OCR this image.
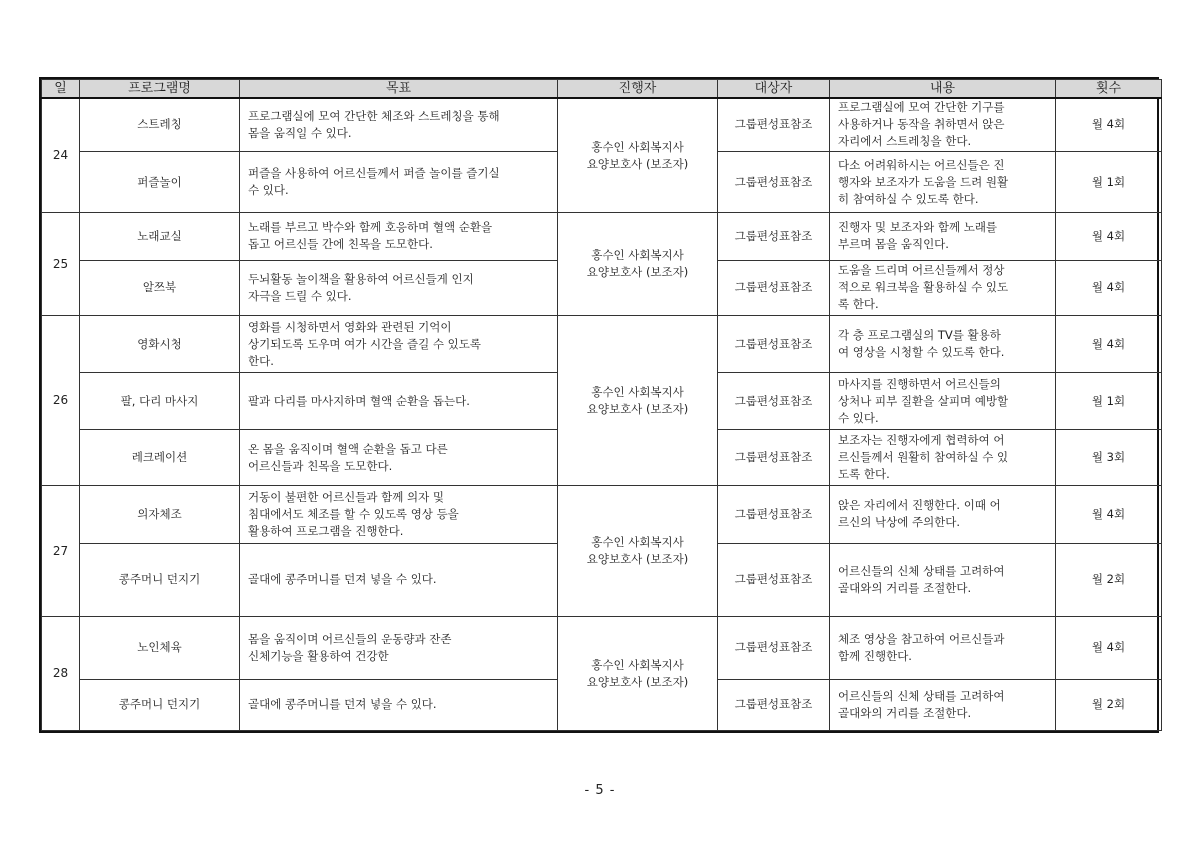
일	프로그램명	목표	진행자	대상자	내용	횟수
24	스트레칭	프로그램실에 모여 간단한 체조와 스트레칭을 통해
몸을 움직일 수 있다.	홍수인 사회복지사
요양보호사 (보조자)	그룹편성표참조	프로그램실에 모여 간단한 기구를
사용하거나 동작을 취하면서 앉은
자리에서 스트레칭을 한다.	월 4회
	퍼즐놀이	퍼즐을 사용하여 어르신들께서 퍼즐 놀이를 즐기실
수 있다.		그룹편성표참조	다소 어려워하시는 어르신들은 진
행자와 보조자가 도움을 드려 원활
히 참여하실 수 있도록 한다.	월 1회
25	노래교실	노래를 부르고 박수와 함께 호응하며 혈액 순환을
돕고 어르신들 간에 친목을 도모한다.	홍수인 사회복지사
요양보호사 (보조자)	그룹편성표참조	진행자 및 보조자와 함께 노래를
부르며 몸을 움직인다.	월 4회
	알쯔북	두뇌활동 놀이책을 활용하여 어르신들게 인지
자극을 드릴 수 있다.		그룹편성표참조	도움을 드리며 어르신들께서 정상
적으로 워크북을 활용하실 수 있도
록 한다.	월 4회
26	영화시청	영화를 시청하면서 영화와 관련된 기억이
상기되도록 도우며 여가 시간을 즐길 수 있도록
한다.	홍수인 사회복지사
요양보호사 (보조자)	그룹편성표참조	각 층 프로그램실의 TV를 활용하
여 영상을 시청할 수 있도록 한다.	월 4회
	팔, 다리 마사지	팔과 다리를 마사지하며 혈액 순환을 돕는다.		그룹편성표참조	마사지를 진행하면서 어르신들의
상처나 피부 질환을 살피며 예방할
수 있다.	월 1회
	레크레이션	온 몸을 움직이며 혈액 순환을 돕고 다른
어르신들과 친목을 도모한다.		그룹편성표참조	보조자는 진행자에게 협력하여 어
르신들께서 원활히 참여하실 수 있
도록 한다.	월 3회
27	의자체조	거동이 불편한 어르신들과 함께 의자 및
침대에서도 체조를 할 수 있도록 영상 등을
활용하여 프로그램을 진행한다.	홍수인 사회복지사
요양보호사 (보조자)	그룹편성표참조	앉은 자리에서 진행한다. 이때 어
르신의 낙상에 주의한다.	월 4회
	콩주머니 던지기	골대에 콩주머니를 던져 넣을 수 있다.		그룹편성표참조	어르신들의 신체 상태를 고려하여
골대와의 거리를 조절한다.	월 2회
28	노인체육	몸을 움직이며 어르신들의 운동량과 잔존
신체기능을 활용하여 건강한	홍수인 사회복지사
요양보호사 (보조자)	그룹편성표참조	체조 영상을 참고하여 어르신들과
함께 진행한다.	월 4회
	콩주머니 던지기	골대에 콩주머니를 던져 넣을 수 있다.		그룹편성표참조	어르신들의 신체 상태를 고려하여
골대와의 거리를 조절한다.	월 2회
- 5 -
